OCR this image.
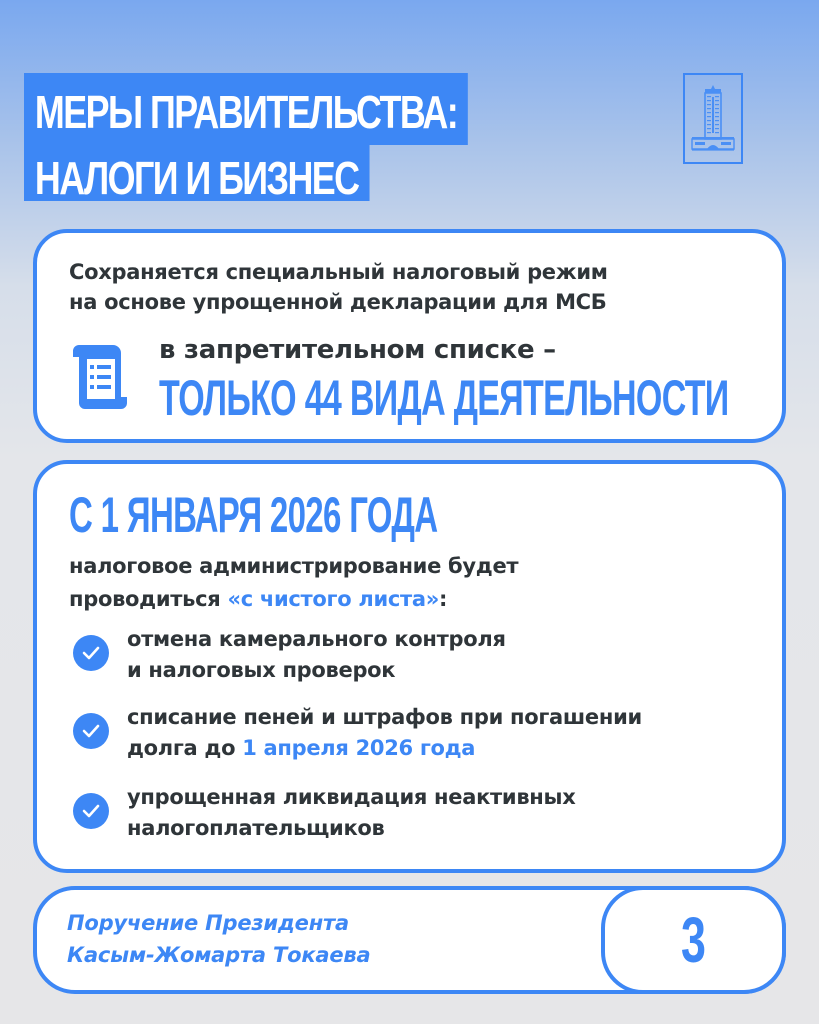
МЕРЫ ПРАВИТЕЛЬСТВА:
НАЛОГИ И БИЗНЕС
Сохраняется специальный налоговый режим
на основе упрощенной декларации для МСБ
в запретительном списке –
ТОЛЬКО 44 ВИДА ДЕЯТЕЛЬНОСТИ
С 1 ЯНВАРЯ 2026 ГОДА
налоговое администрирование будет
проводиться «с чистого листа»:
отмена камерального контроля
и налоговых проверок
списание пеней и штрафов при погашении
долга до 1 апреля 2026 года
упрощенная ликвидация неактивных
налогоплательщиков
Поручение Президента
Касым-Жомарта Токаева	3
